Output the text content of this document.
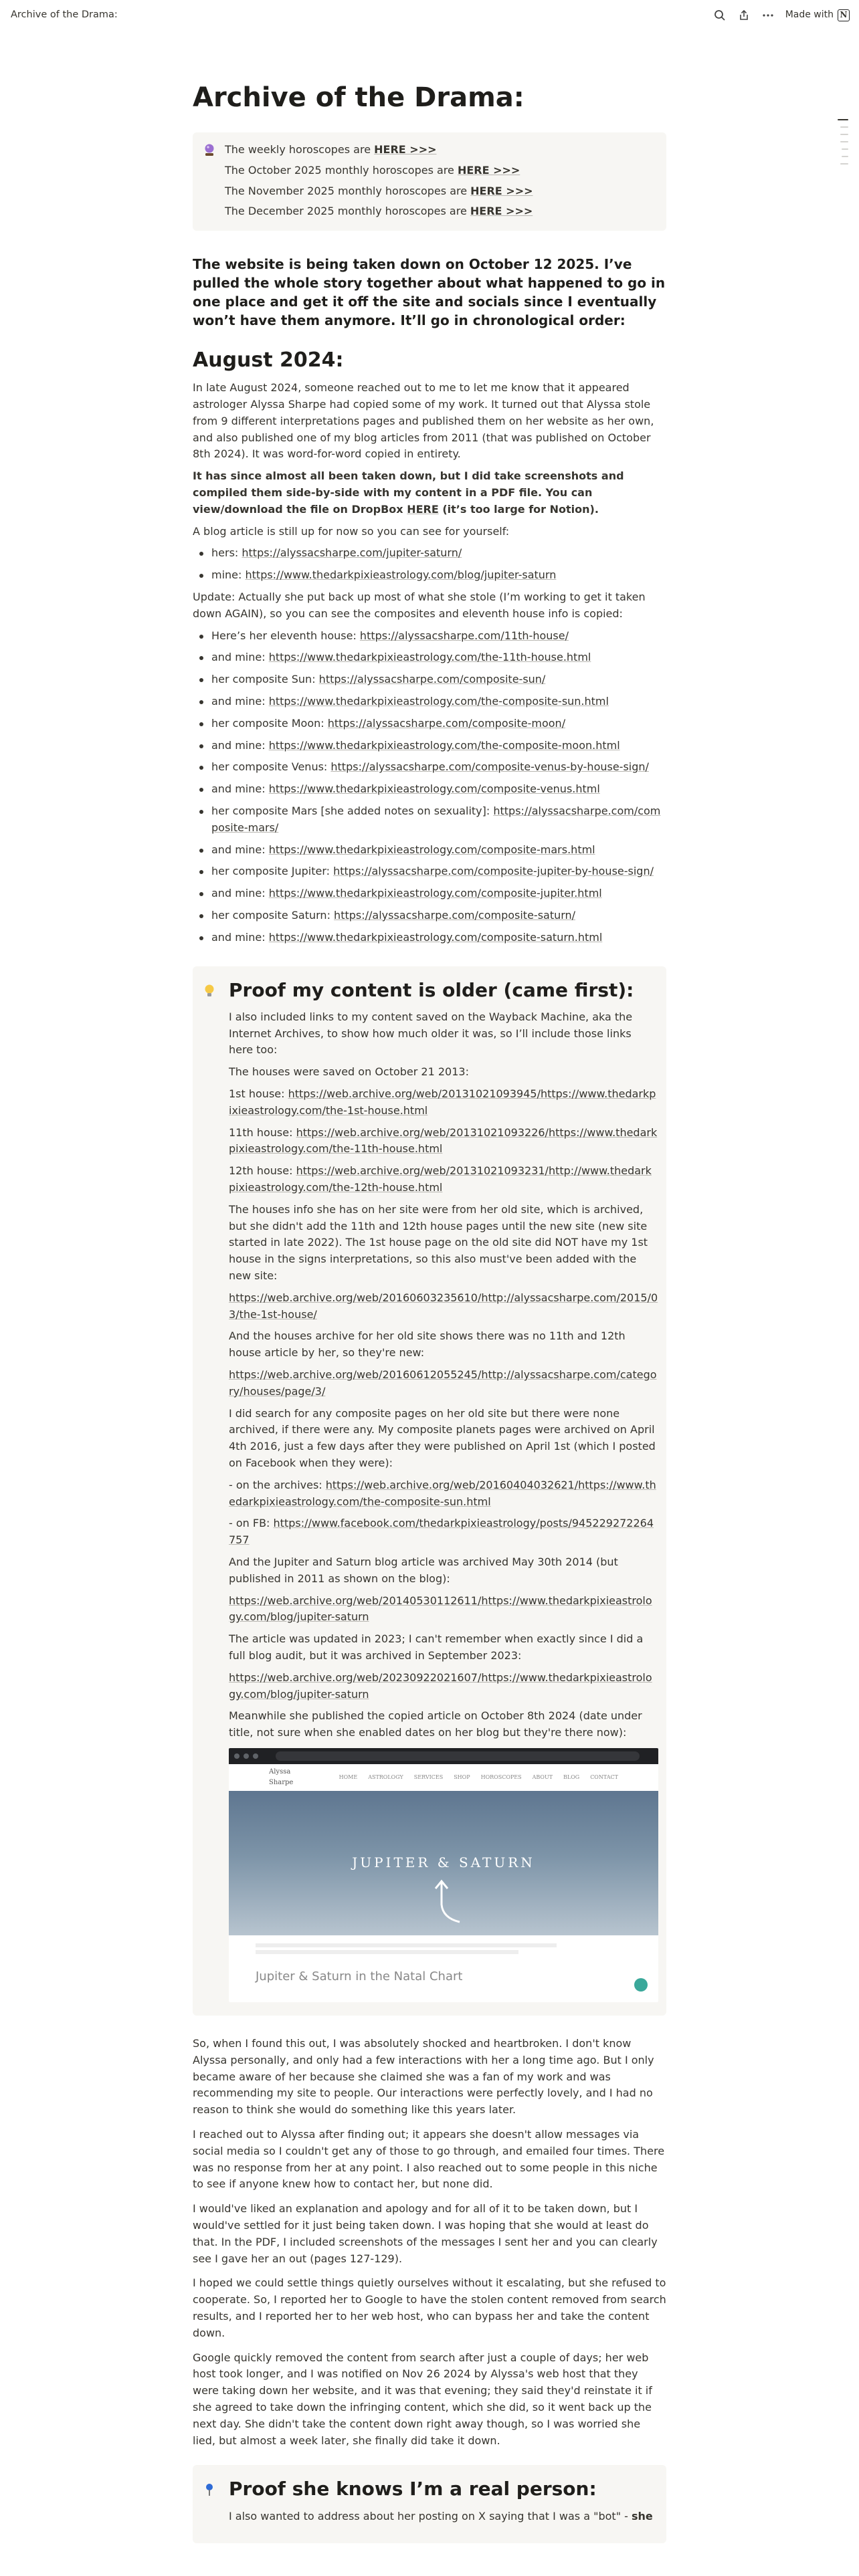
Archive of the Drama:	Made with N
Archive of the Drama:
The weekly horoscopes are HERE >>>
The October 2025 monthly horoscopes are HERE >>>
The November 2025 monthly horoscopes are HERE >>>
The December 2025 monthly horoscopes are HERE >>>
The website is being taken down on October 12 2025. I’ve pulled the whole story together about what happened to go in one place and get it off the site and socials since I eventually won’t have them anymore. It’ll go in chronological order:
August 2024:

In late August 2024, someone reached out to me to let me know that it appeared astrologer Alyssa Sharpe had copied some of my work. It turned out that Alyssa stole from 9 different interpretations pages and published them on her website as her own, and also published one of my blog articles from 2011 (that was published on October 8th 2024). It was word-for-word copied in entirety.

It has since almost all been taken down, but I did take screenshots and compiled them side-by-side with my content in a PDF file. You can view/download the file on DropBox HERE (it’s too large for Notion).

A blog article is still up for now so you can see for yourself:

hers: https://alyssacsharpe.com/jupiter-saturn/
mine: https://www.thedarkpixieastrology.com/blog/jupiter-saturn

Update: Actually she put back up most of what she stole (I’m working to get it taken down AGAIN), so you can see the composites and eleventh house info is copied:

Here’s her eleventh house: https://alyssacsharpe.com/11th-house/
and mine: https://www.thedarkpixieastrology.com/the-11th-house.html
her composite Sun: https://alyssacsharpe.com/composite-sun/
and mine: https://www.thedarkpixieastrology.com/the-composite-sun.html
her composite Moon: https://alyssacsharpe.com/composite-moon/
and mine: https://www.thedarkpixieastrology.com/the-composite-moon.html
her composite Venus: https://alyssacsharpe.com/composite-venus-by-house-sign/
and mine: https://www.thedarkpixieastrology.com/composite-venus.html
her composite Mars [she added notes on sexuality]: https://alyssacsharpe.com/composite-mars/
and mine: https://www.thedarkpixieastrology.com/composite-mars.html
her composite Jupiter: https://alyssacsharpe.com/composite-jupiter-by-house-sign/
and mine: https://www.thedarkpixieastrology.com/composite-jupiter.html
her composite Saturn: https://alyssacsharpe.com/composite-saturn/
and mine: https://www.thedarkpixieastrology.com/composite-saturn.html
Proof my content is older (came first):

I also included links to my content saved on the Wayback Machine, aka the Internet Archives, to show how much older it was, so I’ll include those links here too:

The houses were saved on October 21 2013:

1st house: https://web.archive.org/web/20131021093945/https://www.thedarkpixieastrology.com/the-1st-house.html

11th house: https://web.archive.org/web/20131021093226/https://www.thedarkpixieastrology.com/the-11th-house.html

12th house: https://web.archive.org/web/20131021093231/http://www.thedarkpixieastrology.com/the-12th-house.html

The houses info she has on her site were from her old site, which is archived, but she didn't add the 11th and 12th house pages until the new site (new site started in late 2022). The 1st house page on the old site did NOT have my 1st house in the signs interpretations, so this also must've been added with the new site:

https://web.archive.org/web/20160603235610/http://alyssacsharpe.com/2015/03/the-1st-house/

And the houses archive for her old site shows there was no 11th and 12th house article by her, so they're new:

https://web.archive.org/web/20160612055245/http://alyssacsharpe.com/category/houses/page/3/

I did search for any composite pages on her old site but there were none archived, if there were any. My composite planets pages were archived on April 4th 2016, just a few days after they were published on April 1st (which I posted on Facebook when they were):

- on the archives: https://web.archive.org/web/20160404032621/https://www.thedarkpixieastrology.com/the-composite-sun.html

- on FB: https://www.facebook.com/thedarkpixieastrology/posts/945229272264757

And the Jupiter and Saturn blog article was archived May 30th 2014 (but published in 2011 as shown on the blog):

https://web.archive.org/web/20140530112611/https://www.thedarkpixieastrology.com/blog/jupiter-saturn

The article was updated in 2023; I can't remember when exactly since I did a full blog audit, but it was archived in September 2023:

https://web.archive.org/web/20230922021607/https://www.thedarkpixieastrology.com/blog/jupiter-saturn

Meanwhile she published the copied article on October 8th 2024 (date under title, not sure when she enabled dates on her blog but they're there now):

Alyssa Sharpe
HOME ASTROLOGY SERVICES SHOP HOROSCOPES ABOUT BLOG CONTACT
JUPITER & SATURN
Jupiter & Saturn in the Natal Chart

So, when I found this out, I was absolutely shocked and heartbroken. I don't know Alyssa personally, and only had a few interactions with her a long time ago. But I only became aware of her because she claimed she was a fan of my work and was recommending my site to people. Our interactions were perfectly lovely, and I had no reason to think she would do something like this years later.

I reached out to Alyssa after finding out; it appears she doesn't allow messages via social media so I couldn't get any of those to go through, and emailed four times. There was no response from her at any point. I also reached out to some people in this niche to see if anyone knew how to contact her, but none did.

I would've liked an explanation and apology and for all of it to be taken down, but I would've settled for it just being taken down. I was hoping that she would at least do that. In the PDF, I included screenshots of the messages I sent her and you can clearly see I gave her an out (pages 127-129).

I hoped we could settle things quietly ourselves without it escalating, but she refused to cooperate. So, I reported her to Google to have the stolen content removed from search results, and I reported her to her web host, who can bypass her and take the content down.

Google quickly removed the content from search after just a couple of days; her web host took longer, and I was notified on Nov 26 2024 by Alyssa's web host that they were taking down her website, and it was that evening; they said they'd reinstate it if she agreed to take down the infringing content, which she did, so it went back up the next day. She didn't take the content down right away though, so I was worried she lied, but almost a week later, she finally did take it down.

Proof she knows I’m a real person:

I also wanted to address about her posting on X saying that I was a "bot" - she
